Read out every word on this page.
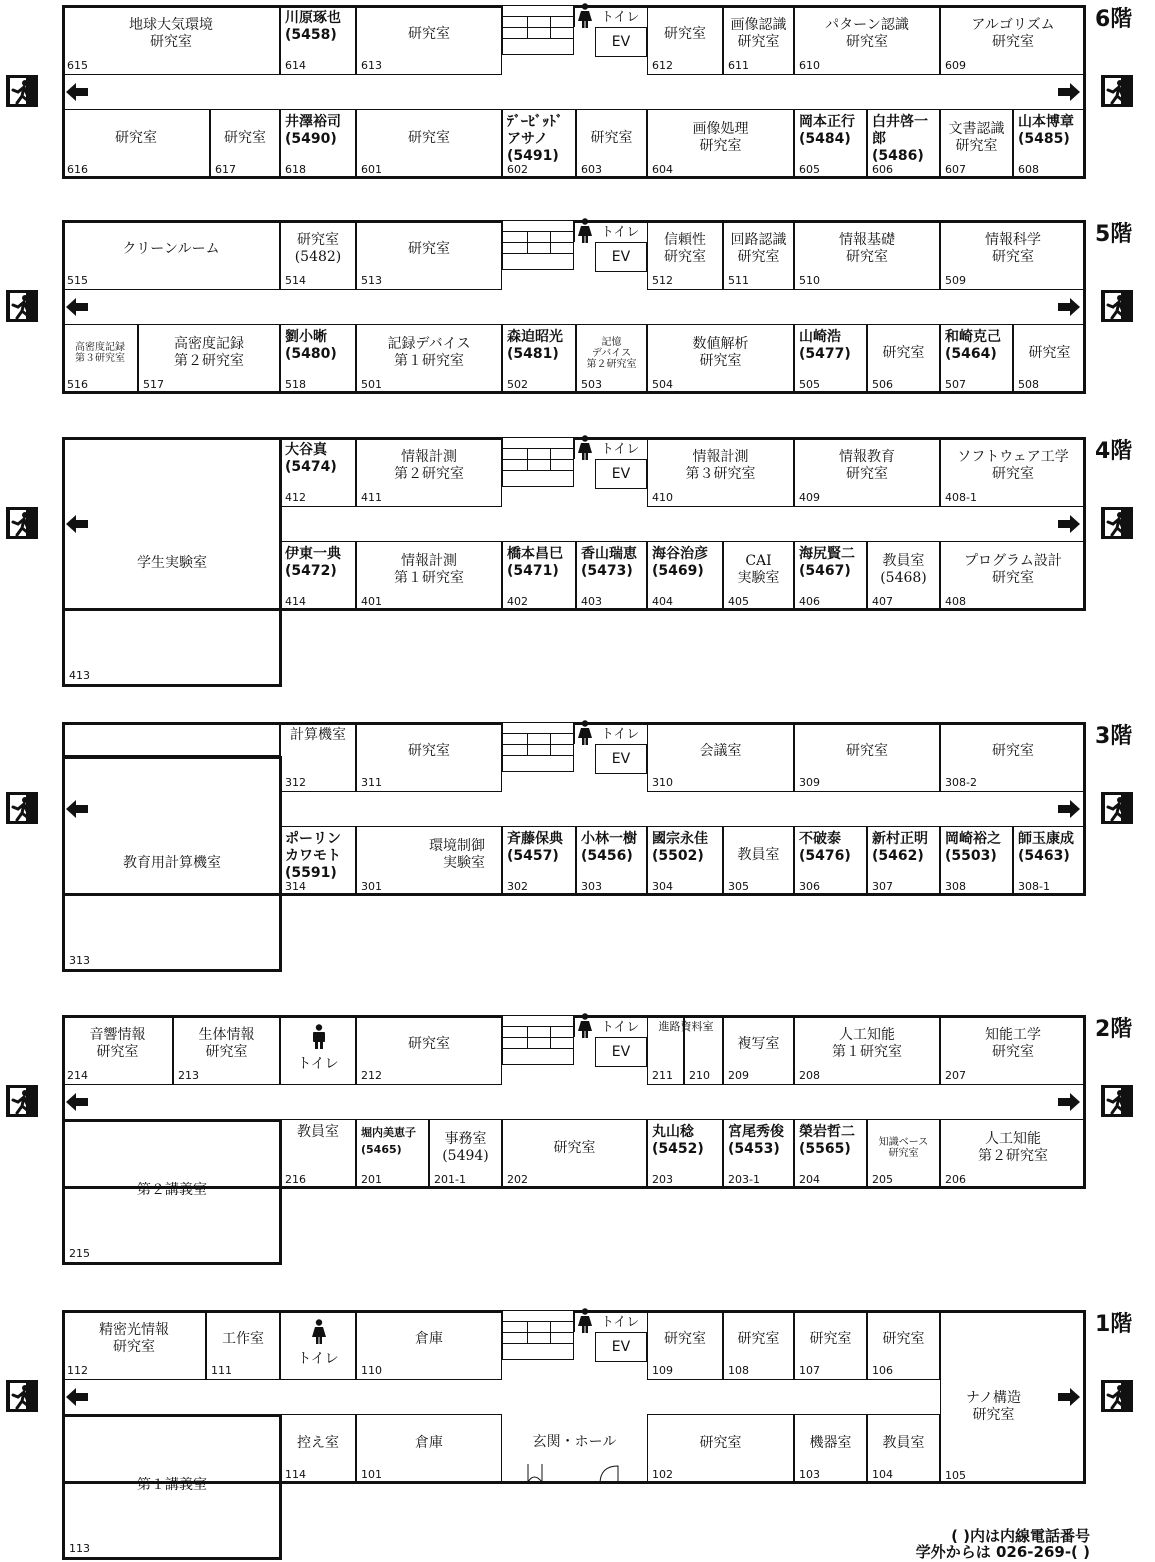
地球大気環境
研究室
615
川原琢也
(5458)
614
研究室
613
研究室
612
画像認識
研究室
611
パターン認識
研究室
610
アルゴリズム
研究室
609
研究室
616
研究室
617
井澤裕司
(5490)
618
研究室
601
ﾃﾞｰﾋﾞｯﾄﾞ
アサノ
(5491)
602
研究室
603
画像処理
研究室
604
岡本正行
(5484)
605
白井啓一郎
(5486)
606
文書認識
研究室
607
山本博章
(5485)
608
トイレ
EV
6階
クリーンルーム
515
研究室
(5482)
514
研究室
513
信頼性
研究室
512
回路認識
研究室
511
情報基礎
研究室
510
情報科学
研究室
509
高密度記録
第３研究室
516
高密度記録
第２研究室
517
劉小晰
(5480)
518
記録デバイス
第１研究室
501
森迫昭光
(5481)
502
記憶
デバイス
第２研究室
503
数値解析
研究室
504
山崎浩
(5477)
505
研究室
506
和崎克己
(5464)
507
研究室
508
トイレ
EV
5階
学生実験室
413
大谷真
(5474)
412
情報計測
第２研究室
411
情報計測
第３研究室
410
情報教育
研究室
409
ソフトウェア工学
研究室
408-1
伊東一典
(5472)
414
情報計測
第１研究室
401
橋本昌巳
(5471)
402
香山瑞恵
(5473)
403
海谷治彦
(5469)
404
CAI
実験室
405
海尻賢二
(5467)
406
教員室
(5468)
407
プログラム設計
研究室
408
トイレ
EV
4階
教育用計算機室
313
計算機室
312
研究室
311
会議室
310
研究室
309
研究室
308-2
ポーリン
カワモト
(5591)
314
環境制御
実験室
301
斉藤保典
(5457)
302
小林一樹
(5456)
303
國宗永佳
(5502)
304
教員室
305
不破泰
(5476)
306
新村正明
(5462)
307
岡崎裕之
(5503)
308
師玉康成
(5463)
308-1
トイレ
EV
3階
第２講義室
215
音響情報
研究室
214
生体情報
研究室
213
研究室
212	211 210
複写室
209
人工知能
第１研究室
208
知能工学
研究室
207
教員室
216
堀内美恵子
(5465)
201
事務室
(5494)
201-1
研究室
202
丸山稔
(5452)
203
宮尾秀俊
(5453)
203-1
榮岩哲二
(5565)
204
知識ベース
研究室
205
人工知能
第２研究室
206
進路資料室
トイレ
トイレ
EV
2階
第１講義室
113
精密光情報
研究室
112
工作室
111
倉庫
110
研究室
109
研究室
108
研究室
107
研究室
106
控え室
114
倉庫
101
玄関・ホール	研究室
102
機器室
103
教員室
104
トイレ
ナノ構造
研究室
105
トイレ
EV
1階
( )内は内線電話番号
学外からは 026-269-( )
